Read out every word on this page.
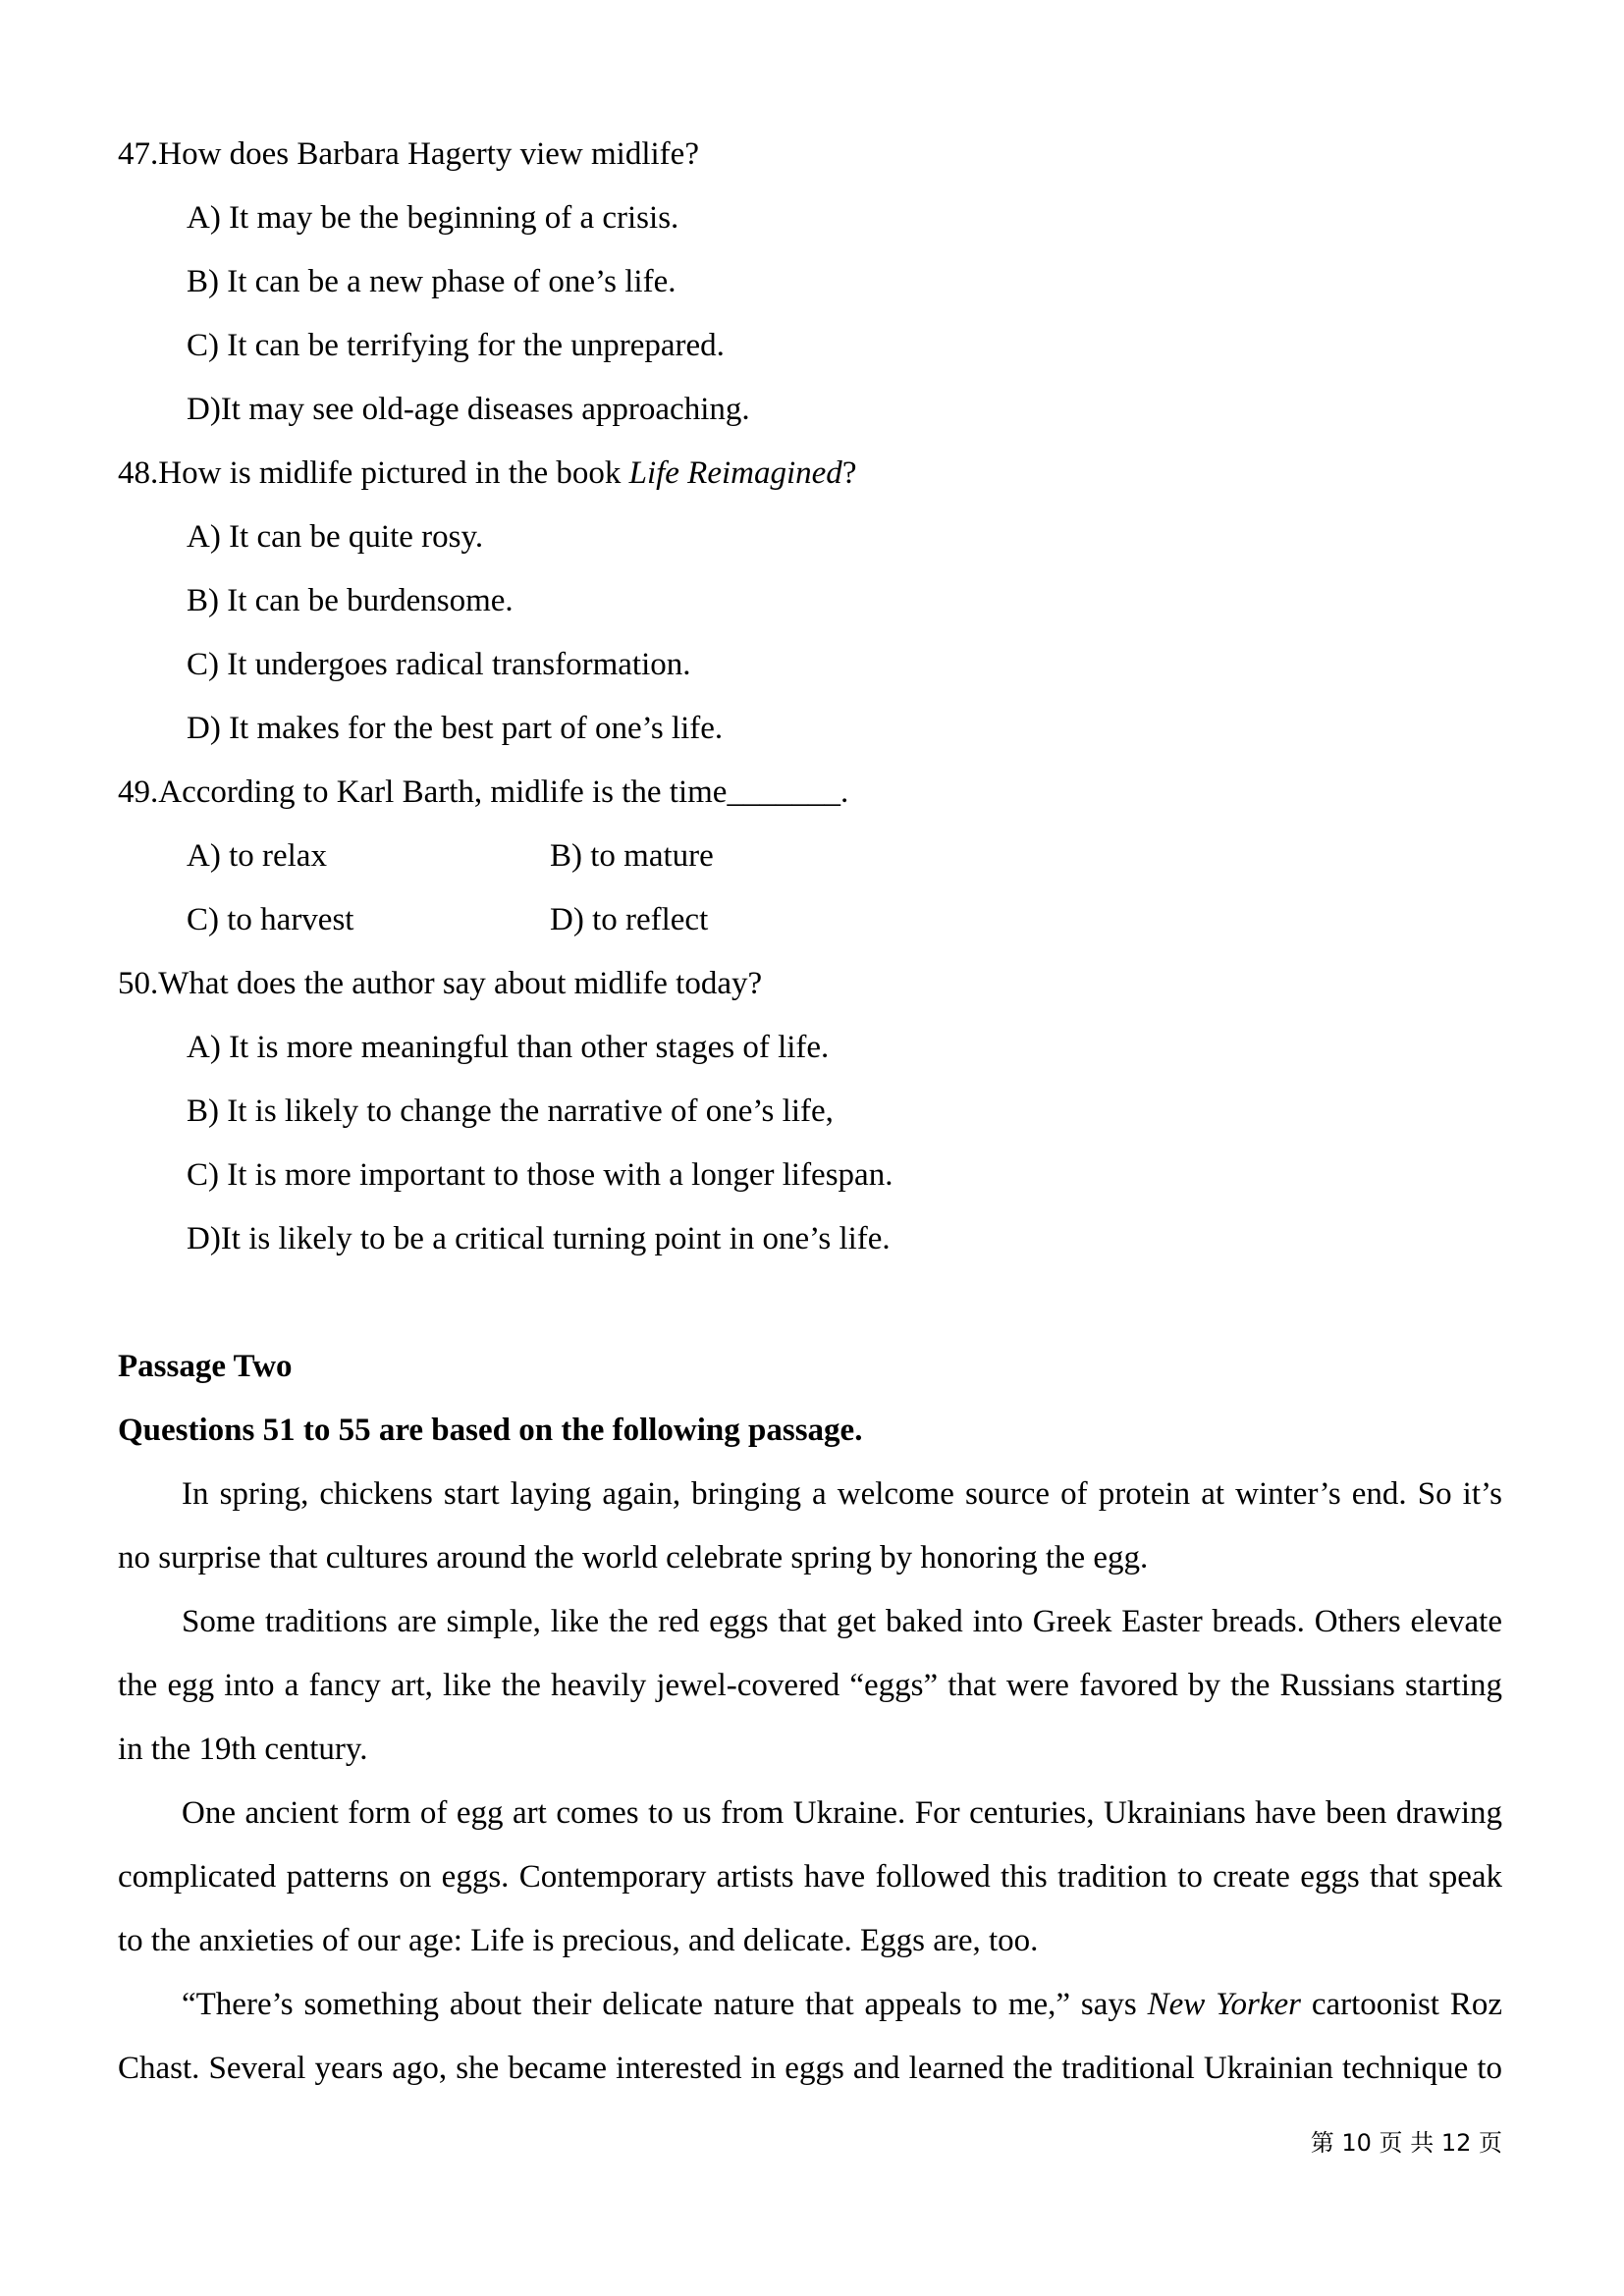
47.How does Barbara Hagerty view midlife?
A) It may be the beginning of a crisis.
B) It can be a new phase of one’s life.
C) It can be terrifying for the unprepared.
D)It may see old-age diseases approaching.
48.How is midlife pictured in the book Life Reimagined?
A) It can be quite rosy.
B) It can be burdensome.
C) It undergoes radical transformation.
D) It makes for the best part of one’s life.
49.According to Karl Barth, midlife is the time_______.
A) to relax	B) to mature
C) to harvest	D) to reflect
50.What does the author say about midlife today?
A) It is more meaningful than other stages of life.
B) It is likely to change the narrative of one’s life,
C) It is more important to those with a longer lifespan.
D)It is likely to be a critical turning point in one’s life.
Passage Two
Questions 51 to 55 are based on the following passage.
In spring, chickens start laying again, bringing a welcome source of protein at winter’s end. So it’s
no surprise that cultures around the world celebrate spring by honoring the egg.
Some traditions are simple, like the red eggs that get baked into Greek Easter breads. Others elevate
the egg into a fancy art, like the heavily jewel-covered “eggs” that were favored by the Russians starting
in the 19th century.
One ancient form of egg art comes to us from Ukraine. For centuries, Ukrainians have been drawing
complicated patterns on eggs. Contemporary artists have followed this tradition to create eggs that speak
to the anxieties of our age: Life is precious, and delicate. Eggs are, too.
“There’s something about their delicate nature that appeals to me,” says New Yorker cartoonist Roz
Chast. Several years ago, she became interested in eggs and learned the traditional Ukrainian technique to
第 10 页 共 12 页
